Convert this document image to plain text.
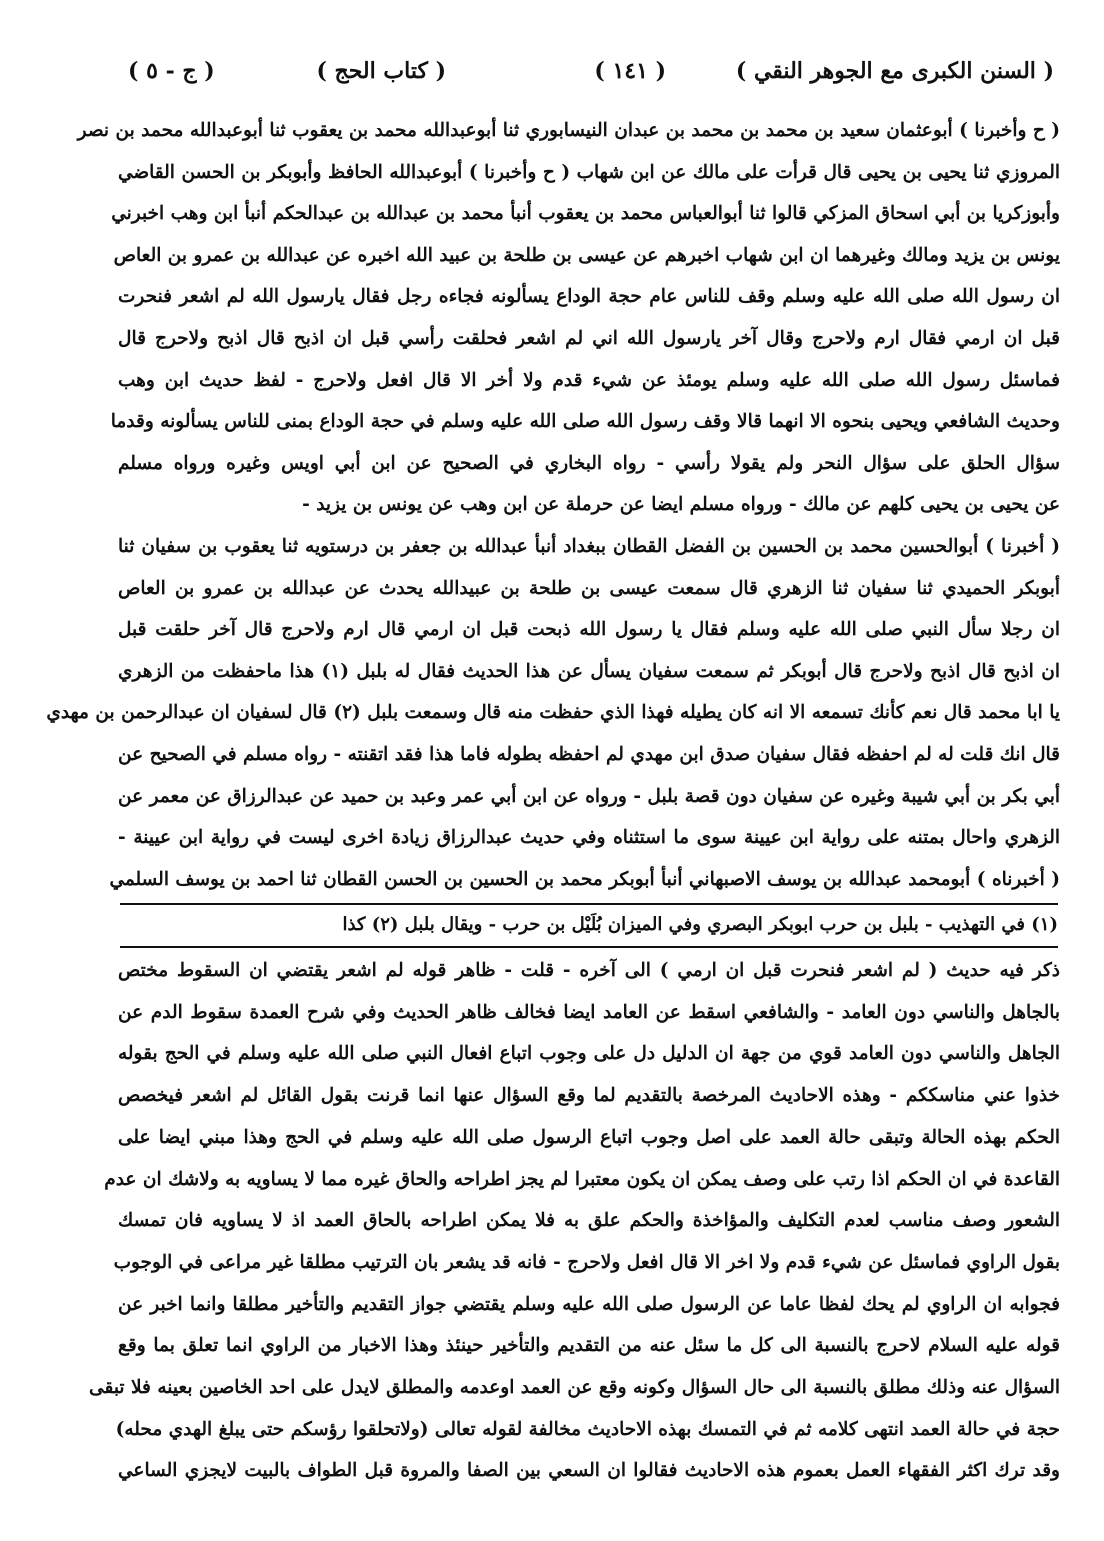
( السنن الكبرى مع الجوهر النقي )
( ١٤١ )
( كتاب الحج )
( ج - ٥ )
( ح وأخبرنا ) أبوعثمان سعيد بن محمد بن محمد بن عبدان النيسابوري ثنا أبوعبدالله محمد بن يعقوب ثنا أبوعبدالله محمد بن نصر
المروزي ثنا يحيى بن يحيى قال قرأت على مالك عن ابن شهاب ( ح وأخبرنا ) أبوعبدالله الحافظ وأبوبكر بن الحسن القاضي
وأبوزكريا بن أبي اسحاق المزكي قالوا ثنا أبوالعباس محمد بن يعقوب أنبأ محمد بن عبدالله بن عبدالحكم أنبأ ابن وهب اخبرني
يونس بن يزيد ومالك وغيرهما ان ابن شهاب اخبرهم عن عيسى بن طلحة بن عبيد الله اخبره عن عبدالله بن عمرو بن العاص
ان رسول الله صلى الله عليه وسلم وقف للناس عام حجة الوداع يسألونه فجاءه رجل فقال يارسول الله لم اشعر فنحرت
قبل ان ارمي فقال ارم ولاحرج وقال آخر يارسول الله اني لم اشعر فحلقت رأسي قبل ان اذبح قال اذبح ولاحرج قال
فماسئل رسول الله صلى الله عليه وسلم يومئذ عن شيء قدم ولا أخر الا قال افعل ولاحرج - لفظ حديث ابن وهب
وحديث الشافعي ويحيى بنحوه الا انهما قالا وقف رسول الله صلى الله عليه وسلم في حجة الوداع بمنى للناس يسألونه وقدما
سؤال الحلق على سؤال النحر ولم يقولا رأسي - رواه البخاري في الصحيح عن ابن أبي اويس وغيره ورواه مسلم
عن يحيى بن يحيى كلهم عن مالك - ورواه مسلم ايضا عن حرملة عن ابن وهب عن يونس بن يزيد -
( أخبرنا ) أبوالحسين محمد بن الحسين بن الفضل القطان ببغداد أنبأ عبدالله بن جعفر بن درستويه ثنا يعقوب بن سفيان ثنا
أبوبكر الحميدي ثنا سفيان ثنا الزهري قال سمعت عيسى بن طلحة بن عبيدالله يحدث عن عبدالله بن عمرو بن العاص
ان رجلا سأل النبي صلى الله عليه وسلم فقال يا رسول الله ذبحت قبل ان ارمي قال ارم ولاحرج قال آخر حلقت قبل
ان اذبح قال اذبح ولاحرج قال أبوبكر ثم سمعت سفيان يسأل عن هذا الحديث فقال له بلبل (١) هذا ماحفظت من الزهري
يا ابا محمد قال نعم كأنك تسمعه الا انه كان يطيله فهذا الذي حفظت منه قال وسمعت بلبل (٢) قال لسفيان ان عبدالرحمن بن مهدي
قال انك قلت له لم احفظه فقال سفيان صدق ابن مهدي لم احفظه بطوله فاما هذا فقد اتقنته - رواه مسلم في الصحيح عن
أبي بكر بن أبي شيبة وغيره عن سفيان دون قصة بلبل - ورواه عن ابن أبي عمر وعبد بن حميد عن عبدالرزاق عن معمر عن
الزهري واحال بمتنه على رواية ابن عيينة سوى ما استثناه وفي حديث عبدالرزاق زيادة اخرى ليست في رواية ابن عيينة -
( أخبرناه ) أبومحمد عبدالله بن يوسف الاصبهاني أنبأ أبوبكر محمد بن الحسين بن الحسن القطان ثنا احمد بن يوسف السلمي
(١) في التهذيب - بلبل بن حرب ابوبكر البصري وفي الميزان بُلَيْل بن حرب - ويقال بلبل (٢) كذا
ذكر فيه حديث ( لم اشعر فنحرت قبل ان ارمي ) الى آخره - قلت - ظاهر قوله لم اشعر يقتضي ان السقوط مختص
بالجاهل والناسي دون العامد - والشافعي اسقط عن العامد ايضا فخالف ظاهر الحديث وفي شرح العمدة سقوط الدم عن
الجاهل والناسي دون العامد قوي من جهة ان الدليل دل على وجوب اتباع افعال النبي صلى الله عليه وسلم في الحج بقوله
خذوا عني مناسككم - وهذه الاحاديث المرخصة بالتقديم لما وقع السؤال عنها انما قرنت بقول القائل لم اشعر فيخصص
الحكم بهذه الحالة وتبقى حالة العمد على اصل وجوب اتباع الرسول صلى الله عليه وسلم في الحج وهذا مبني ايضا على
القاعدة في ان الحكم اذا رتب على وصف يمكن ان يكون معتبرا لم يجز اطراحه والحاق غيره مما لا يساويه به ولاشك ان عدم
الشعور وصف مناسب لعدم التكليف والمؤاخذة والحكم علق به فلا يمكن اطراحه بالحاق العمد اذ لا يساويه فان تمسك
بقول الراوي فماسئل عن شيء قدم ولا اخر الا قال افعل ولاحرج - فانه قد يشعر بان الترتيب مطلقا غير مراعى في الوجوب
فجوابه ان الراوي لم يحك لفظا عاما عن الرسول صلى الله عليه وسلم يقتضي جواز التقديم والتأخير مطلقا وانما اخبر عن
قوله عليه السلام لاحرج بالنسبة الى كل ما سئل عنه من التقديم والتأخير حينئذ وهذا الاخبار من الراوي انما تعلق بما وقع
السؤال عنه وذلك مطلق بالنسبة الى حال السؤال وكونه وقع عن العمد اوعدمه والمطلق لايدل على احد الخاصين بعينه فلا تبقى
حجة في حالة العمد انتهى كلامه ثم في التمسك بهذه الاحاديث مخالفة لقوله تعالى (ولاتحلقوا رؤسكم حتى يبلغ الهدي محله)
وقد ترك اكثر الفقهاء العمل بعموم هذه الاحاديث فقالوا ان السعي بين الصفا والمروة قبل الطواف بالبيت لايجزي الساعي
